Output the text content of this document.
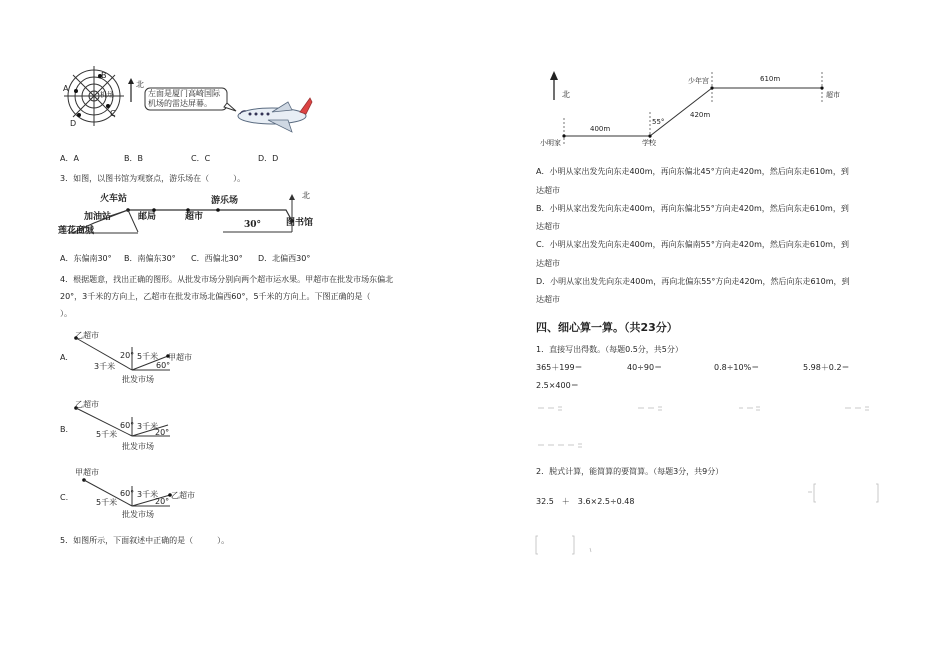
A
B
C
D
机场
北
左面是厦门高崎国际
机场的雷达屏幕。
A．A	B．B	C．C	D．D
3．如图，以图书馆为观察点，游乐场在（　　　）。
火车站	游乐场
加油站	邮局	超市
莲花商城
图书馆
30°
北
A．东偏南30° B．南偏东30° C．西偏北30° D．北偏西30°
4．根据题意，找出正确的图形。从批发市场分别向两个超市运水果。甲超市在批发市场东偏北
20°，3千米的方向上，乙超市在批发市场北偏西60°，5千米的方向上。下图正确的是（
）。
A.
乙超市
20° 5千米 甲超市
3千米	60°
批发市场
B.
乙超市
60° 3千米
5千米	20°
批发市场
C.
甲超市
60° 3千米 乙超市
5千米	20°
批发市场
5．如图所示，下面叙述中正确的是（　　　）。
北
小明家	学校
少年宫
超市
400m
420m
610m
55°
A．小明从家出发先向东走400m，再向东偏北45°方向走420m，然后向东走610m，到
达超市
B．小明从家出发先向东走400m，再向东偏北55°方向走420m，然后向东走610m，到
达超市
C．小明从家出发先向东走400m，再向东偏南55°方向走420m，然后向东走610m，到
达超市
D．小明从家出发先向东走400m，再向北偏东55°方向走420m，然后向东走610m，到
达超市
四、细心算一算。（共23分）
1．直接写出得数。（每题0.5分，共5分）
365＋199＝	40÷90＝	0.8÷10%＝	5.98＋0.2＝
2.5×400＝
2．脱式计算，能简算的要简算。（每题3分，共9分）
32.5　＋　3.6×2.5÷0.48
